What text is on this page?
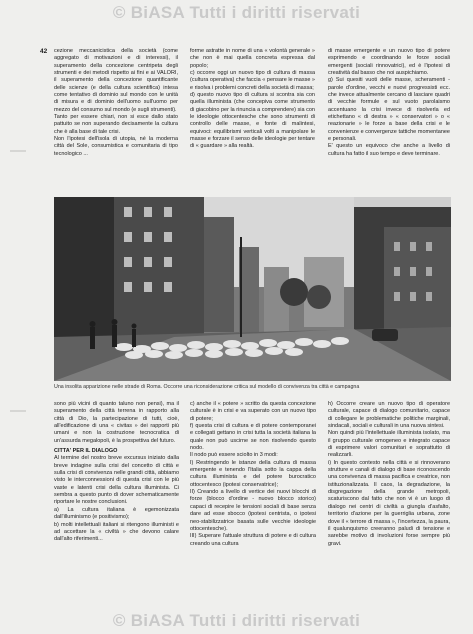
© BiASA Tutti i diritti riservati
42 cezione meccanicistica della società (come aggregato di motivazioni e di interessi), il superamento della concezione centripeta degli strumenti e dei metodi rispetto ai fini e ai VALORI, il superamento della concezione quantificante delle scienze (e della cultura scientifica) intesa come tentativo di dominio sul mondo con le unità di misura e di dominio dell'uomo sull'uomo per mezzo del consumo sul mondo (e sugli strumenti).

Tanto per essere chiari, non si esce dallo stato pattuito se non superando decisamente la cultura che è alla base di tale crisi.

Non l'ipotesi dell'isola di utopia, né la moderna città del Sole, consumistica e comunitaria di tipo tecnologico ...

forme astratte in nome di una « volontà generale » che non è mai quella concreta espressa dal popolo;

c) occorre oggi un nuovo tipo di cultura di massa (cultura operativa) che faccia « pensare le masse » e risolva i problemi concreti della società di massa;

d) questo nuovo tipo di cultura si scontra sia con quella illuminista (che concepiva come strumento di giacobino per la rinuncia a comprendere) sia con le ideologie ottocentesche che sono strumenti di controllo delle masse, e fonte di malintesi, equivoci: equilibrismi verticali volti a manipolare le masse e forzare il senso delle ideologie per tentare di « guardare » alla realtà.

di masse emergente e un nuovo tipo di potere esprimendo e coordinando le forze sociali emergenti (sociali rinnovatrici), ed è l'ipotesi di creatività dal basso che noi auspichiamo.

g) Sui quesiti vuoti delle masse, scheramenti - parole d'ordine, vecchi e nuovi progressisti ecc. che invece attualmente cercano di lasciare quadri di vecchie formule e sul vuoto parolaismo accentuano la crisi invece di risolverla ed etichettano « di destra » « conservatori » o « reazionarie » le forze a base della crisi e le convenienze e convergenze tattiche momentanee e personali.

E' questo un equivoco che anche a livello di cultura ha fatto il suo tempo e deve terminare.

Una insolita apparizione nelle strade di Roma. Occorre una riconsiderazione critica sul modello di convivenza tra città e campagna

sono più vicini di quanto taluno non pensi), ma il superamento della città terrena in rapporto alla città di Dio, la partecipazione di tutti, cioè, all'edificazione di una « civitas » dei rapporti più umani e non la costruzione tecnocratica di un'assurda megalopoli, è la prospettiva del futuro.

CITTA' PER IL DIALOGO

Al termine del nostro breve excursus iniziato dalla breve indagine sulla crisi del concetto di città e sulla crisi di convivenza nelle grandi città, abbiamo visto le interconnessioni di questa crisi con le più vaste e latenti crisi della cultura illuminista. Ci sembra a questo punto di dover schematicamente riportare le nostre conclusioni.

a) La cultura italiana è egemonizzata dall'illuminismo (e positivismo);

b) molti intellettuali italiani si ritengono illuministi e ad accettare la « civiltà » che devono calare dall'alto riferimenti...

c) anche il « potere » scritto da questa concezione culturale è in crisi e va superato con un nuovo tipo di potere;

f) questa crisi di cultura e di potere contemporanei e collegati gettano in crisi tutta la società italiana la quale non può uscirne se non risolvendo questo nodo.

Il nodo può essere sciolto in 3 modi:

I) Restringendo le istanze della cultura di massa emergente e tenendo l'Italia sotto la cappa della cultura illuminista e del potere burocratico ottocentesco (ipotesi conservatrice);

II) Creando a livello di vertice dei nuovi blocchi di forze (blocco d'ordine - nuovo blocco storico) capaci di recepire le tensioni sociali di base senza dare ad esse sbocco (ipotesi centrista, o ipotesi neo-stabilizzatrice basata sulle vecchie ideologie ottocentesche).

III) Superare l'attuale struttura di potere e di cultura creando una cultura

h) Occorre creare un nuovo tipo di operatore culturale, capace di dialogo comunitario, capace di collegare le problematiche politiche marginali, sindacali, sociali e culturali in una nuova sintesi.

Non quindi più l'intellettuale illuminista isolato, ma il gruppo culturale omogeneo e integrato capace di esprimere valori comunitari e soprattutto di realizzarli.

i) In questo contesto nella città e si rinnoverano strutture e canali di dialogo di base riconoscendo una convivenza di massa pacifica e creatrice, non istituzionalizzata. Il caos, la degradazione, la disgregazione della grande metropoli, scaturiscono dal fatto che non vi è un luogo di dialogo nei centri di civiltà a giungla d'asfalto, territorio d'azione per la guerriglia urbana, zone dove il « terrore di massa », l'incertezza, la paura, il qualunquismo creeranno paludi di tensione e sarebbe motivo di involuzioni forse sempre più gravi.

© BiASA Tutti i diritti riservati
